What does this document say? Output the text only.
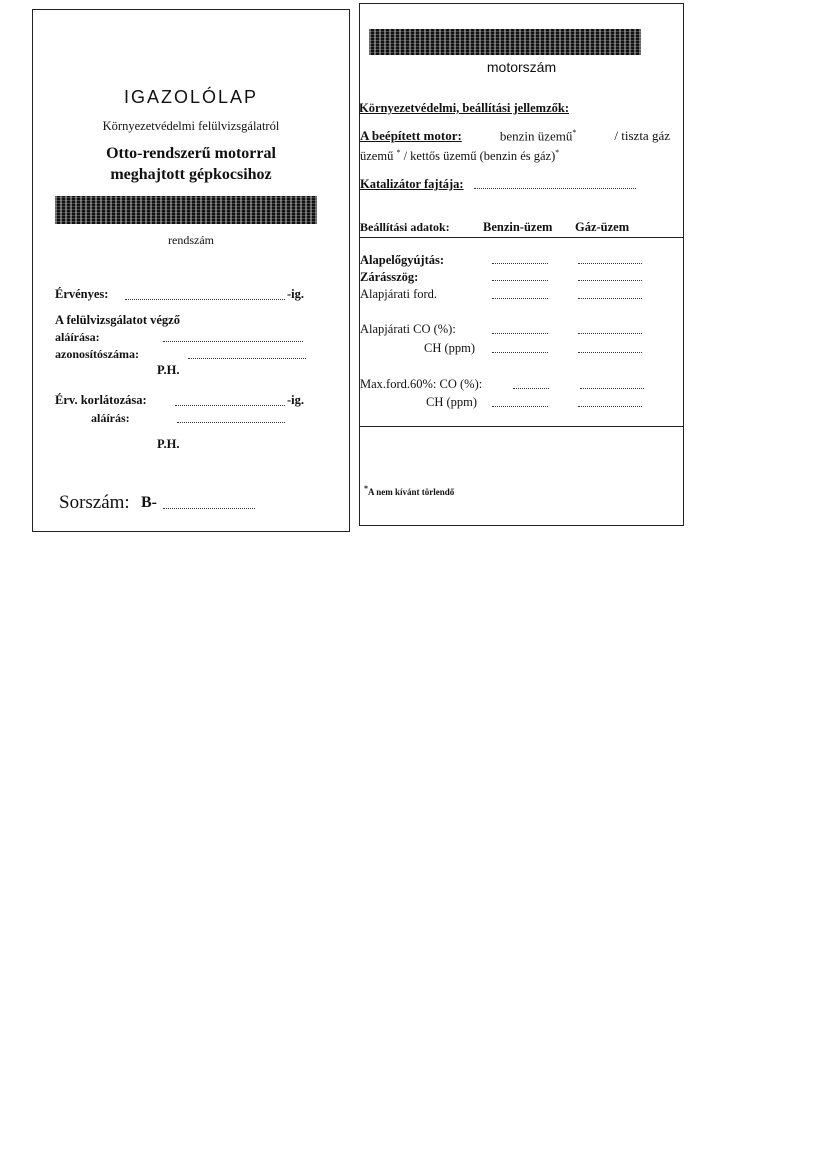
IGAZOLÓLAP
Környezetvédelmi felülvizsgálatról
Otto-rendszerű motorral
meghajtott gépkocsihoz
rendszám
Érvényes:	-ig.
A felülvizsgálatot végző
aláírása:
azonosítószáma:
P.H.
Érv. korlátozása:	-ig.
aláírás:
P.H.
Sorszám: B-
motorszám
Környezetvédelmi, beállítási jellemzők:
A beépített motor:	benzin üzemű*	/ tiszta gáz
üzemű * / kettős üzemű (benzin és gáz)*
Katalizátor fajtája:
Beállítási adatok:	Benzin-üzem Gáz-üzem
Alapelőgyújtás:
Zárásszög:
Alapjárati ford.
Alapjárati CO (%):
CH (ppm)
Max.ford.60%: CO (%):
CH (ppm)
*A nem kívánt törlendő
